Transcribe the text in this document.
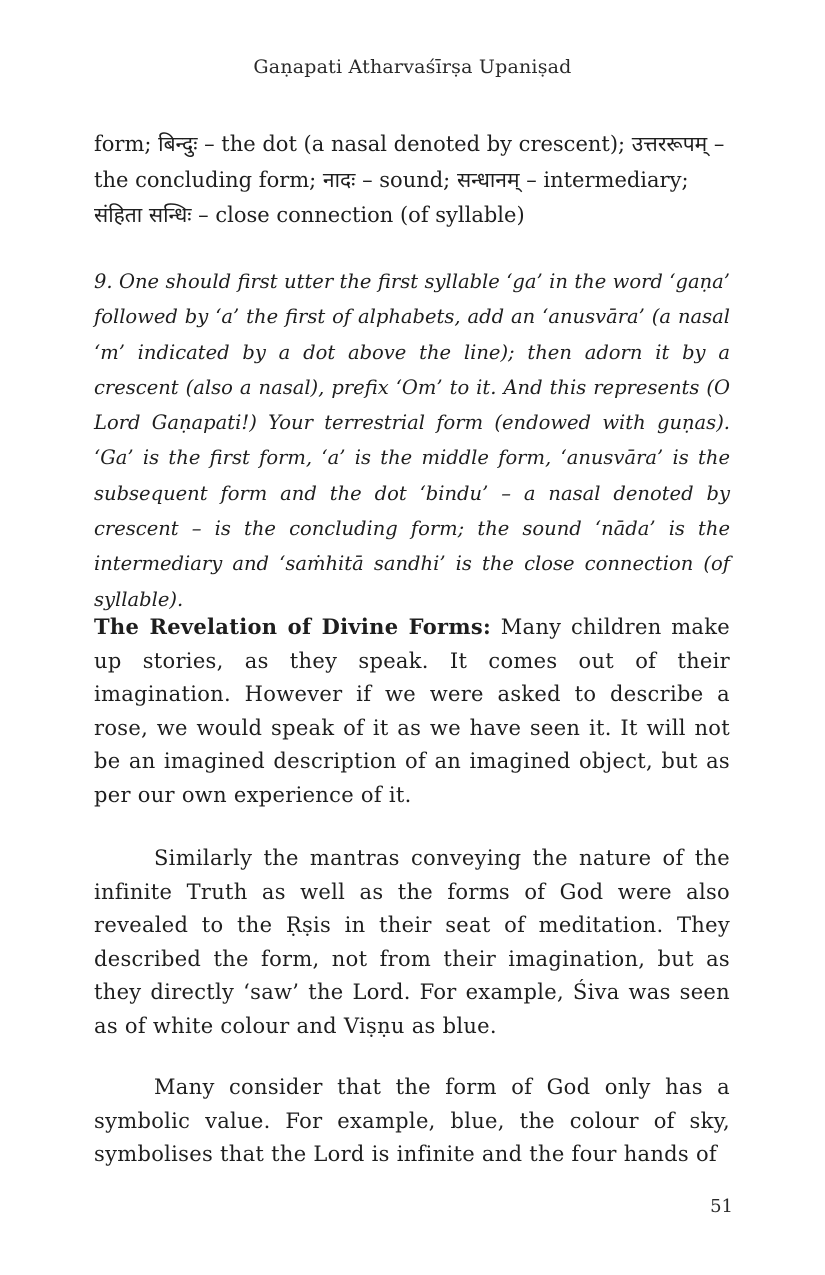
Gaṇapati Atharvaśīrṣa Upaniṣad

form; बिन्दुः – the dot (a nasal denoted by crescent); उत्तररूपम् – the concluding form; नादः – sound; सन्धानम् – intermediary; संहिता सन्धिः – close connection (of syllable)

9. One should first utter the first syllable ‘ga’ in the word ‘gaṇa’ followed by ‘a’ the first of alphabets, add an ‘anusvāra’ (a nasal ‘m’ indicated by a dot above the line); then adorn it by a crescent (also a nasal), prefix ‘Om’ to it. And this represents (O Lord Gaṇapati!) Your terrestrial form (endowed with guṇas). ‘Ga’ is the first form, ‘a’ is the middle form, ‘anusvāra’ is the subsequent form and the dot ‘bindu’ – a nasal denoted by crescent – is the concluding form; the sound ‘nāda’ is the intermediary and ‘saṁhitā sandhi’ is the close connection (of syllable).

The Revelation of Divine Forms: Many children make up stories, as they speak. It comes out of their imagination. However if we were asked to describe a rose, we would speak of it as we have seen it. It will not be an imagined description of an imagined object, but as per our own experience of it.

Similarly the mantras conveying the nature of the infinite Truth as well as the forms of God were also revealed to the Ṛṣis in their seat of meditation. They described the form, not from their imagination, but as they directly ‘saw’ the Lord. For example, Śiva was seen as of white colour and Viṣṇu as blue.

Many consider that the form of God only has a symbolic value. For example, blue, the colour of sky, symbolises that the Lord is infinite and the four hands of

51
